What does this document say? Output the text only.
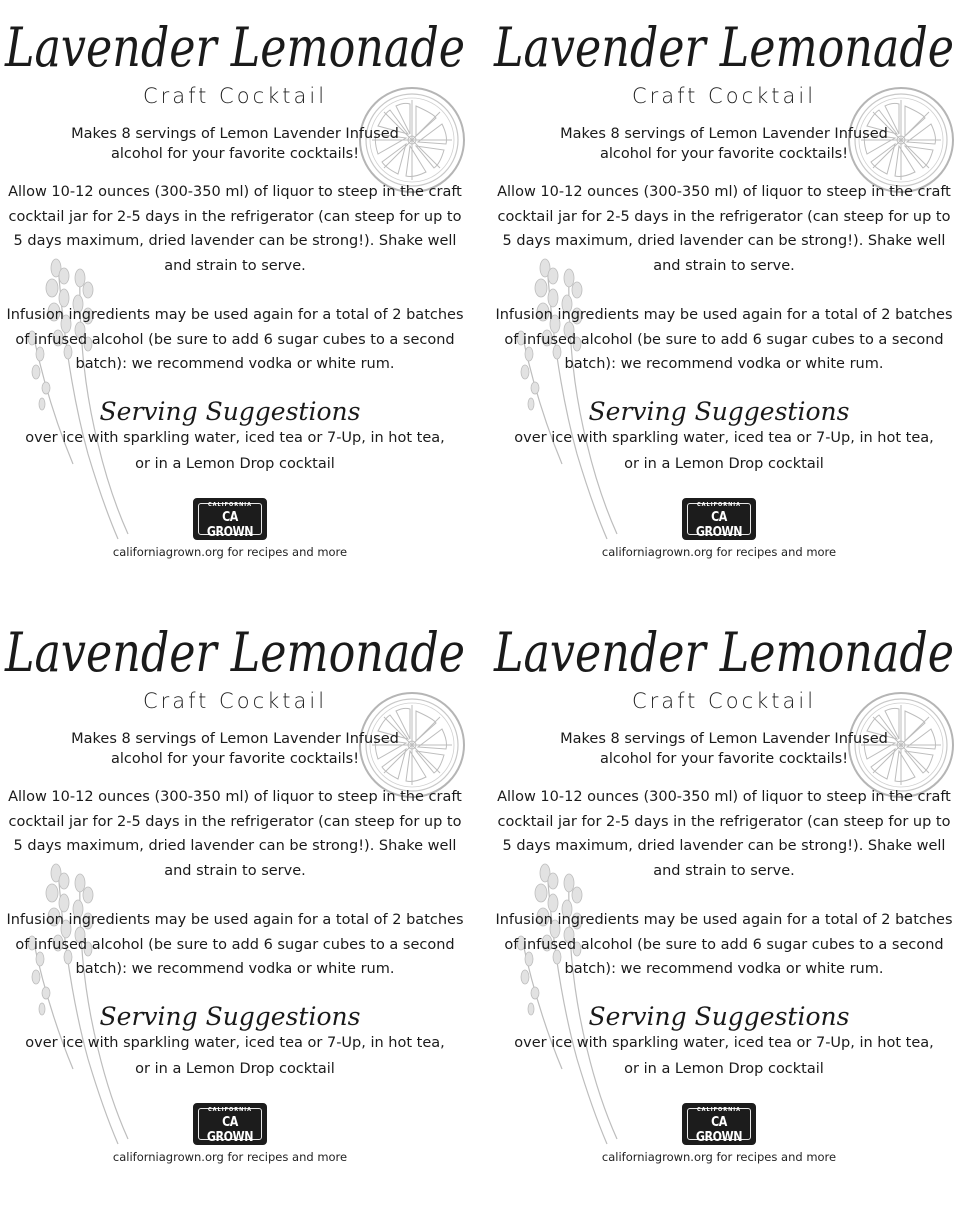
Lavender Lemonade
Craft Cocktail
Makes 8 servings of Lemon Lavender Infused
alcohol for your favorite cocktails!
Allow 10-12 ounces (300-350 ml) of liquor to steep in the craft cocktail jar for 2-5 days in the refrigerator (can steep for up to 5 days maximum, dried lavender can be strong!). Shake well and strain to serve.
Infusion ingredients may be used again for a total of 2 batches of infused alcohol (be sure to add 6 sugar cubes to a second batch): we recommend vodka or white rum.
Serving Suggestions
over ice with sparkling water, iced tea or 7-Up, in hot tea,
or in a Lemon Drop cocktail
CALIFORNIA
CA GROWN
californiagrown.org for recipes and more
Lavender Lemonade
Craft Cocktail
Makes 8 servings of Lemon Lavender Infused
alcohol for your favorite cocktails!
Allow 10-12 ounces (300-350 ml) of liquor to steep in the craft cocktail jar for 2-5 days in the refrigerator (can steep for up to 5 days maximum, dried lavender can be strong!). Shake well and strain to serve.
Infusion ingredients may be used again for a total of 2 batches of infused alcohol (be sure to add 6 sugar cubes to a second batch): we recommend vodka or white rum.
Serving Suggestions
over ice with sparkling water, iced tea or 7-Up, in hot tea,
or in a Lemon Drop cocktail
CALIFORNIA
CA GROWN
californiagrown.org for recipes and more
Lavender Lemonade
Craft Cocktail
Makes 8 servings of Lemon Lavender Infused
alcohol for your favorite cocktails!
Allow 10-12 ounces (300-350 ml) of liquor to steep in the craft cocktail jar for 2-5 days in the refrigerator (can steep for up to 5 days maximum, dried lavender can be strong!). Shake well and strain to serve.
Infusion ingredients may be used again for a total of 2 batches of infused alcohol (be sure to add 6 sugar cubes to a second batch): we recommend vodka or white rum.
Serving Suggestions
over ice with sparkling water, iced tea or 7-Up, in hot tea,
or in a Lemon Drop cocktail
CALIFORNIA
CA GROWN
californiagrown.org for recipes and more
Lavender Lemonade
Craft Cocktail
Makes 8 servings of Lemon Lavender Infused
alcohol for your favorite cocktails!
Allow 10-12 ounces (300-350 ml) of liquor to steep in the craft cocktail jar for 2-5 days in the refrigerator (can steep for up to 5 days maximum, dried lavender can be strong!). Shake well and strain to serve.
Infusion ingredients may be used again for a total of 2 batches of infused alcohol (be sure to add 6 sugar cubes to a second batch): we recommend vodka or white rum.
Serving Suggestions
over ice with sparkling water, iced tea or 7-Up, in hot tea,
or in a Lemon Drop cocktail
CALIFORNIA
CA GROWN
californiagrown.org for recipes and more
